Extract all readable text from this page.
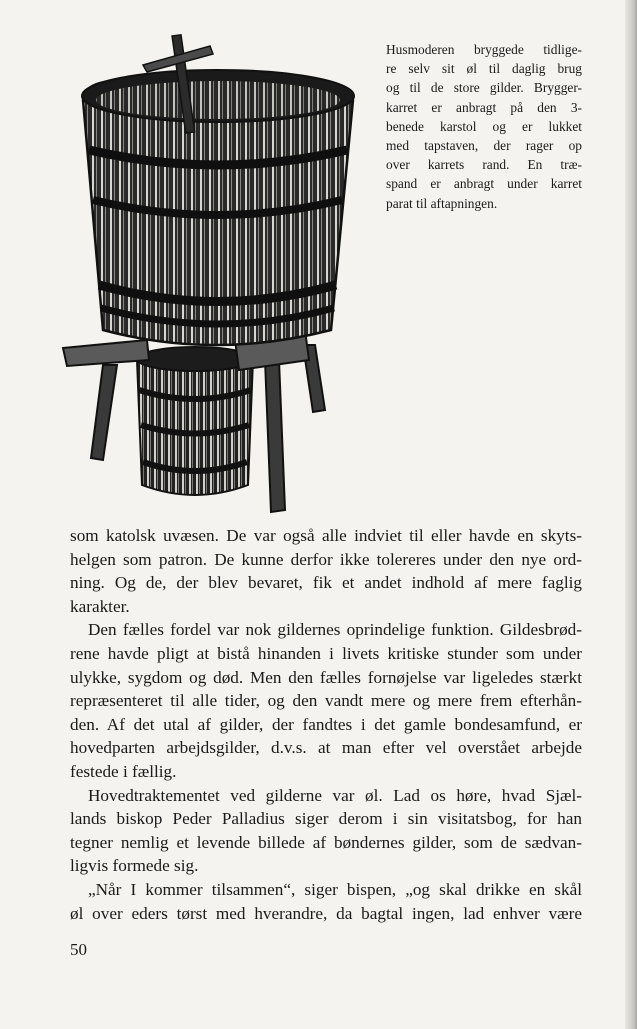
Husmoderen bryggede tidlige-
re selv sit øl til daglig brug
og til de store gilder. Brygger-
karret er anbragt på den 3-
benede karstol og er lukket
med tapstaven, der rager op
over karrets rand. En træ-
spand er anbragt under karret
parat til aftapningen.

som katolsk uvæsen. De var også alle indviet til eller havde en skyts-
helgen som patron. De kunne derfor ikke tolereres under den nye ord-
ning. Og de, der blev bevaret, fik et andet indhold af mere faglig
karakter.

Den fælles fordel var nok gildernes oprindelige funktion. Gildesbrød-
rene havde pligt at bistå hinanden i livets kritiske stunder som under
ulykke, sygdom og død. Men den fælles fornøjelse var ligeledes stærkt
repræsenteret til alle tider, og den vandt mere og mere frem efterhån-
den. Af det utal af gilder, der fandtes i det gamle bondesamfund, er
hovedparten arbejdsgilder, d.v.s. at man efter vel overstået arbejde
festede i fællig.

Hovedtraktementet ved gilderne var øl. Lad os høre, hvad Sjæl-
lands biskop Peder Palladius siger derom i sin visitatsbog, for han
tegner nemlig et levende billede af bøndernes gilder, som de sædvan-
ligvis formede sig.

„Når I kommer tilsammen“, siger bispen, „og skal drikke en skål
øl over eders tørst med hverandre, da bagtal ingen, lad enhver være

50
